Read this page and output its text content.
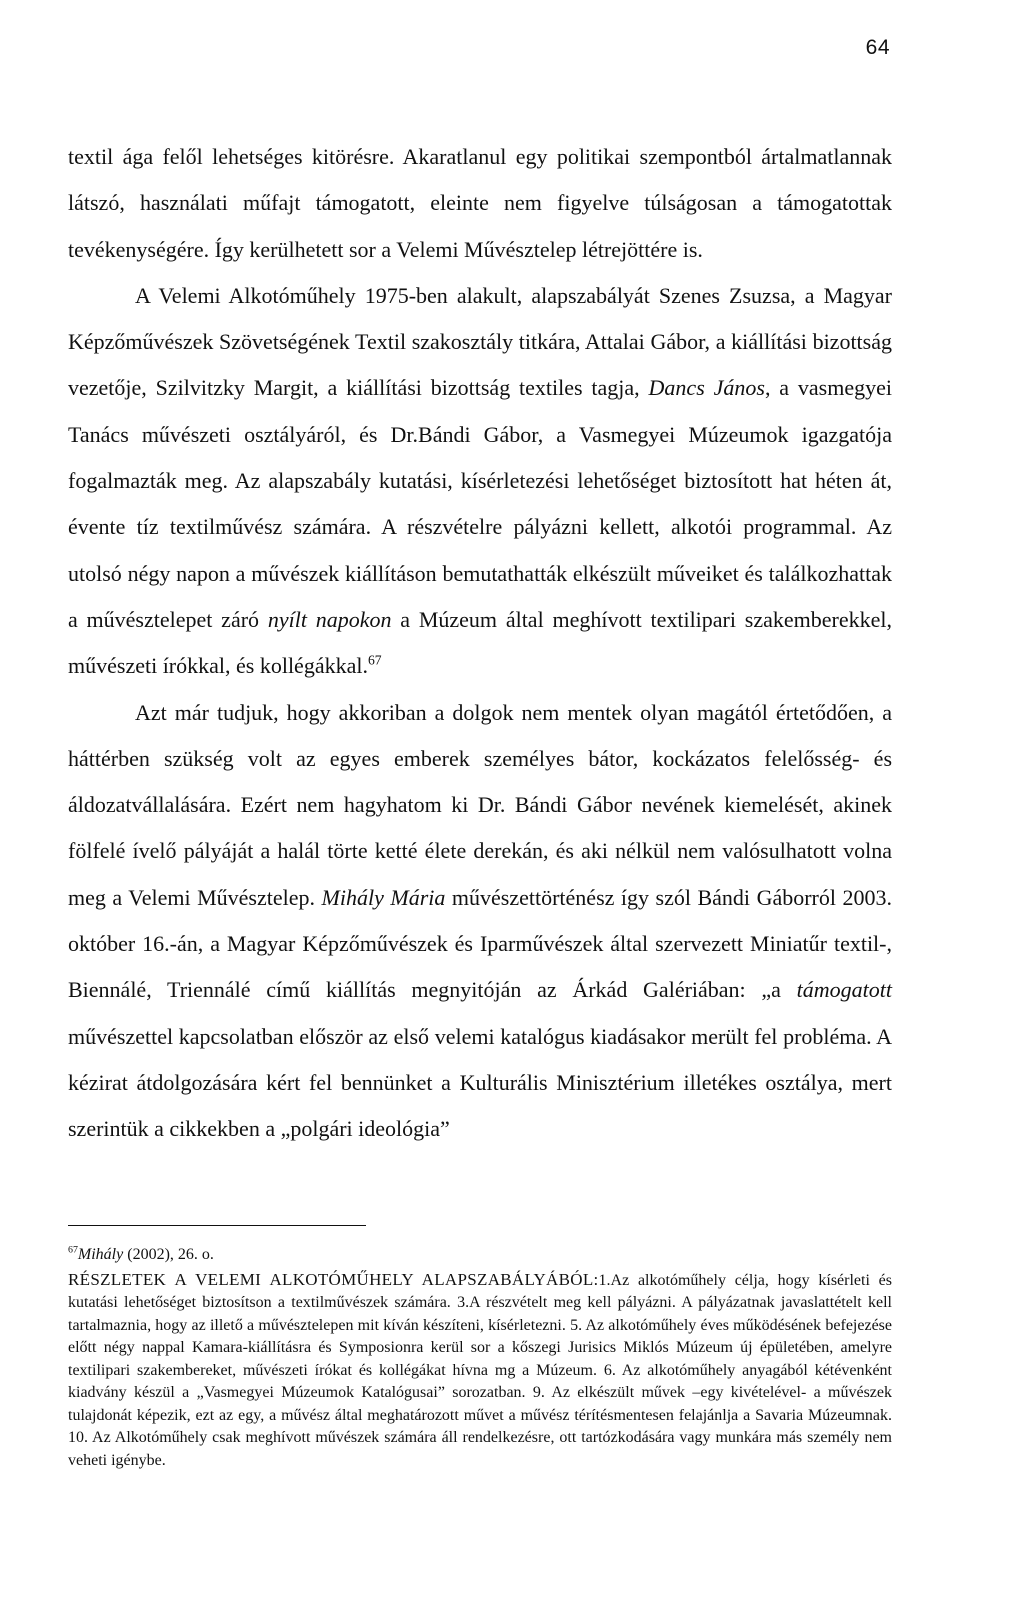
64

textil ága felől lehetséges kitörésre. Akaratlanul egy politikai szempontból ártalmatlannak látszó, használati műfajt támogatott, eleinte nem figyelve túlságosan a támogatottak tevékenységére. Így kerülhetett sor a Velemi Művésztelep létrejöttére is.

A Velemi Alkotóműhely 1975-ben alakult, alapszabályát Szenes Zsuzsa, a Magyar Képzőművészek Szövetségének Textil szakosztály titkára, Attalai Gábor, a kiállítási bizottság vezetője, Szilvitzky Margit, a kiállítási bizottság textiles tagja, Dancs János, a vasmegyei Tanács művészeti osztályáról, és Dr.Bándi Gábor, a Vasmegyei Múzeumok igazgatója fogalmazták meg. Az alapszabály kutatási, kísérletezési lehetőséget biztosított hat héten át, évente tíz textilművész számára. A részvételre pályázni kellett, alkotói programmal. Az utolsó négy napon a művészek kiállításon bemutathatták elkészült műveiket és találkozhattak a művésztelepet záró nyílt napokon a Múzeum által meghívott textilipari szakemberekkel, művészeti írókkal, és kollégákkal.$^{67}$

Azt már tudjuk, hogy akkoriban a dolgok nem mentek olyan magától értetődően, a háttérben szükség volt az egyes emberek személyes bátor, kockázatos felelősség- és áldozatvállalására. Ezért nem hagyhatom ki Dr. Bándi Gábor nevének kiemelését, akinek fölfelé ívelő pályáját a halál törte ketté élete derekán, és aki nélkül nem valósulhatott volna meg a Velemi Művésztelep. Mihály Mária művészettörténész így szól Bándi Gáborról 2003. október 16.-án, a Magyar Képzőművészek és Iparművészek által szervezett Miniatűr textil-, Biennálé, Triennálé című kiállítás megnyitóján az Árkád Galériában: „a támogatott művészettel kapcsolatban először az első velemi katalógus kiadásakor merült fel probléma. A kézirat átdolgozására kért fel bennünket a Kulturális Minisztérium illetékes osztálya, mert szerintük a cikkekben a „polgári ideológia”

$^{67}$Mihály (2002), 26. o.

RÉSZLETEK A VELEMI ALKOTÓMŰHELY ALAPSZABÁLYÁBÓL:1.Az alkotóműhely célja, hogy kísérleti és kutatási lehetőséget biztosítson a textilművészek számára. 3.A részvételt meg kell pályázni. A pályázatnak javaslattételt kell tartalmaznia, hogy az illető a művésztelepen mit kíván készíteni, kísérletezni. 5. Az alkotóműhely éves működésének befejezése előtt négy nappal Kamara-kiállításra és Symposionra kerül sor a kőszegi Jurisics Miklós Múzeum új épületében, amelyre textilipari szakembereket, művészeti írókat és kollégákat hívna mg a Múzeum. 6. Az alkotóműhely anyagából kétévenként kiadvány készül a „Vasmegyei Múzeumok Katalógusai” sorozatban. 9. Az elkészült művek –egy kivételével- a művészek tulajdonát képezik, ezt az egy, a művész által meghatározott művet a művész térítésmentesen felajánlja a Savaria Múzeumnak. 10. Az Alkotóműhely csak meghívott művészek számára áll rendelkezésre, ott tartózkodására vagy munkára más személy nem veheti igénybe.
